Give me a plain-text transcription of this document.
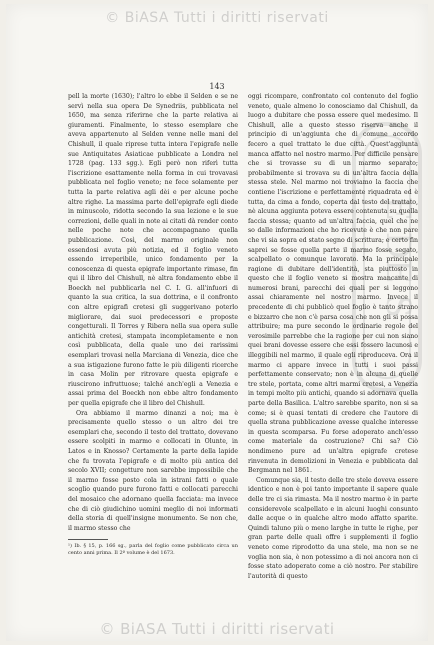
© BiASA Tutti i diritti riservati
E DE S
143

pell la morte (1630); l'altro lo ebbe il Selden e se ne servì nella sua opera De Synedriis, pubblicata nel 1650, ma senza riferirne che la parte relativa ai giuramenti. Finalmente, lo stesso esemplare che aveva appartenuto al Selden venne nelle mani del Chishull, il quale riprese tutta intera l'epigrafe nelle sue Antiquitates Asiaticae pubblicate a Londra nel 1728 (pag. 133 sgg.). Egli però non riferì tutta l'iscrizione esattamente nella forma in cui trovavasi pubblicata nel foglio veneto; ne fece solamente per tutta la parte relativa agli dèi e per alcune poche altre righe. La massima parte dell'epigrafe egli diede in minuscolo, ridotta secondo la sua lezione e le sue correzioni, delle quali in note ai citati dà render conto nelle poche note che accompagnano quella pubblicazione. Così, del marmo originale non essendosi avuta più notizia, ed il foglio veneto essendo irreperibile, unico fondamento per la conoscenza di questa epigrafe importante rimase, fin qui il libro del Chishull, nè altra fondamento ebbe il Boeckh nel pubblicarla nel C. I. G. all'infuori di quanto la sua critica, la sua dottrina, e il confronto con altre epigrafi cretesi gli suggerivano poterlo migliorare, dai suoi predecessori e proposte congetturali. Il Torres y Ribera nella sua opera sulle antichità cretesi, stampata incompletamente e non così pubblicata, della quale uno dei rarissimi esemplari trovasi nella Marciana di Venezia, dice che a sua istigazione furono fatte le più diligenti ricerche in casa Molin per ritrovare questa epigrafe e riuscirono infruttuose; talché anch'egli a Venezia e assai prima del Boeckh non ebbe altro fondamento per quella epigrafe che il libro del Chishull.

Ora abbiamo il marmo dinanzi a noi; ma è precisamente quello stesso o un altro dei tre esemplari che, secondo il testo del trattato, dovevano essere scolpiti in marmo e collocati in Olunte, in Latos e in Knosso? Certamente la parte della lapide che fu trovata l'epigrafe e di molto più antica del secolo XVII; congetture non sarebbe impossibile che il marmo fosse posto cola in istrani fatti o quale scoglio quando pure furono fatti e collocati parecchi del mosaico che adornano quella facciata: ma invece che di ciò giudichino uomini meglio di noi informati della storia di quell'insigne monumento. Se non che, il marmo stesso che

¹) Ib. § 15, p. 166 sg., parla del foglio come pubblicato circa un cento anni prima. Il 2º volume è del 1673.

oggi ricompare, confrontato col contenuto del foglio veneto, quale almeno lo conosciamo dal Chishull, da luogo a dubitare che possa essere quel medesimo. Il Chishull, alle a questo stesso riserva anche il principio di un'aggiunta che di comune accordo fecero a quel trattato le due città. Quest'aggiunta manca affatto nel nostro marmo. Per difficile pensare che si trovasse su di un marmo separato; probabilmente si trovava su di un'altra faccia della stessa stele. Nel marmo noi troviamo la faccia che contiene l'iscrizione e perfettamente riquadrata ed è tutta, da cima a fondo, coperta dal testo del trattato, nè alcuna aggiunta poteva essere contenuta su quella faccia stessa; quanto ad un'altra faccia, quel che ne so dalle informazioni che ho ricevute è che non pare che vi sia sopra ed stato segno di scrittura; e certo fin saprei se fosse quella parte il marmo fosse segato, scalpellato o comunque lavorato. Ma la principale ragione di dubitare dell'identità, sta piuttosto in questo che il foglio veneto si mostra mancante di numerosi brani, parecchi dei quali per si leggono assai chiaramente nel nostro marmo. Invece il precedente di chi pubblicò quel foglio è tanto strano e bizzarro che non c'è parsa cosa che non gli si possa attribuire; ma pure secondo le ordinarie regole del verosimile parrebbe che la ragione per cui non siano quei brani dovesse essere che essi fossero lacunosi e illeggibili nel marmo, il quale egli riproduceva. Ora il marmo ci appare invece in tutti i suoi passi perfettamente conservato; non è in alcuna di quelle tre stele, portata, come altri marmi cretesi, a Venezia in tempi molto più antichi, quando si adornava quella parte della Basilica. L'altro sarebbe sparito, non si sa come; si è quasi tentati di credere che l'autore di quella strana pubblicazione avesse qualche interesse in questa scomparsa. Fu forse adoperato anch'esso come materiale da costruzione? Chi sa? Ciò nondimeno pure ad un'altra epigrafe cretese rinvenuta in demolizioni in Venezia e pubblicata dal Bergmann nel 1861.

Comunque sia, il testo delle tre stele doveva essere identico e non è poi tanto importante il sapere quale delle tre ci sia rimasta. Ma il nostro marmo è in parte considerevole scalpellato e in alcuni luoghi consunto dalle acque o in qualche altro modo affatto sparite. Quindi taluno più o meno larghe in tutte le righe, per gran parte delle quali offre i supplementi il foglio veneto come riprodotto da una stele, ma non se ne voglia non sia, è non potessimo a di noi ancora non ci fosse stato adoperato come a ciò nostro. Per stabilire l'autorità di questo

© BiASA Tutti i diritti riservati
